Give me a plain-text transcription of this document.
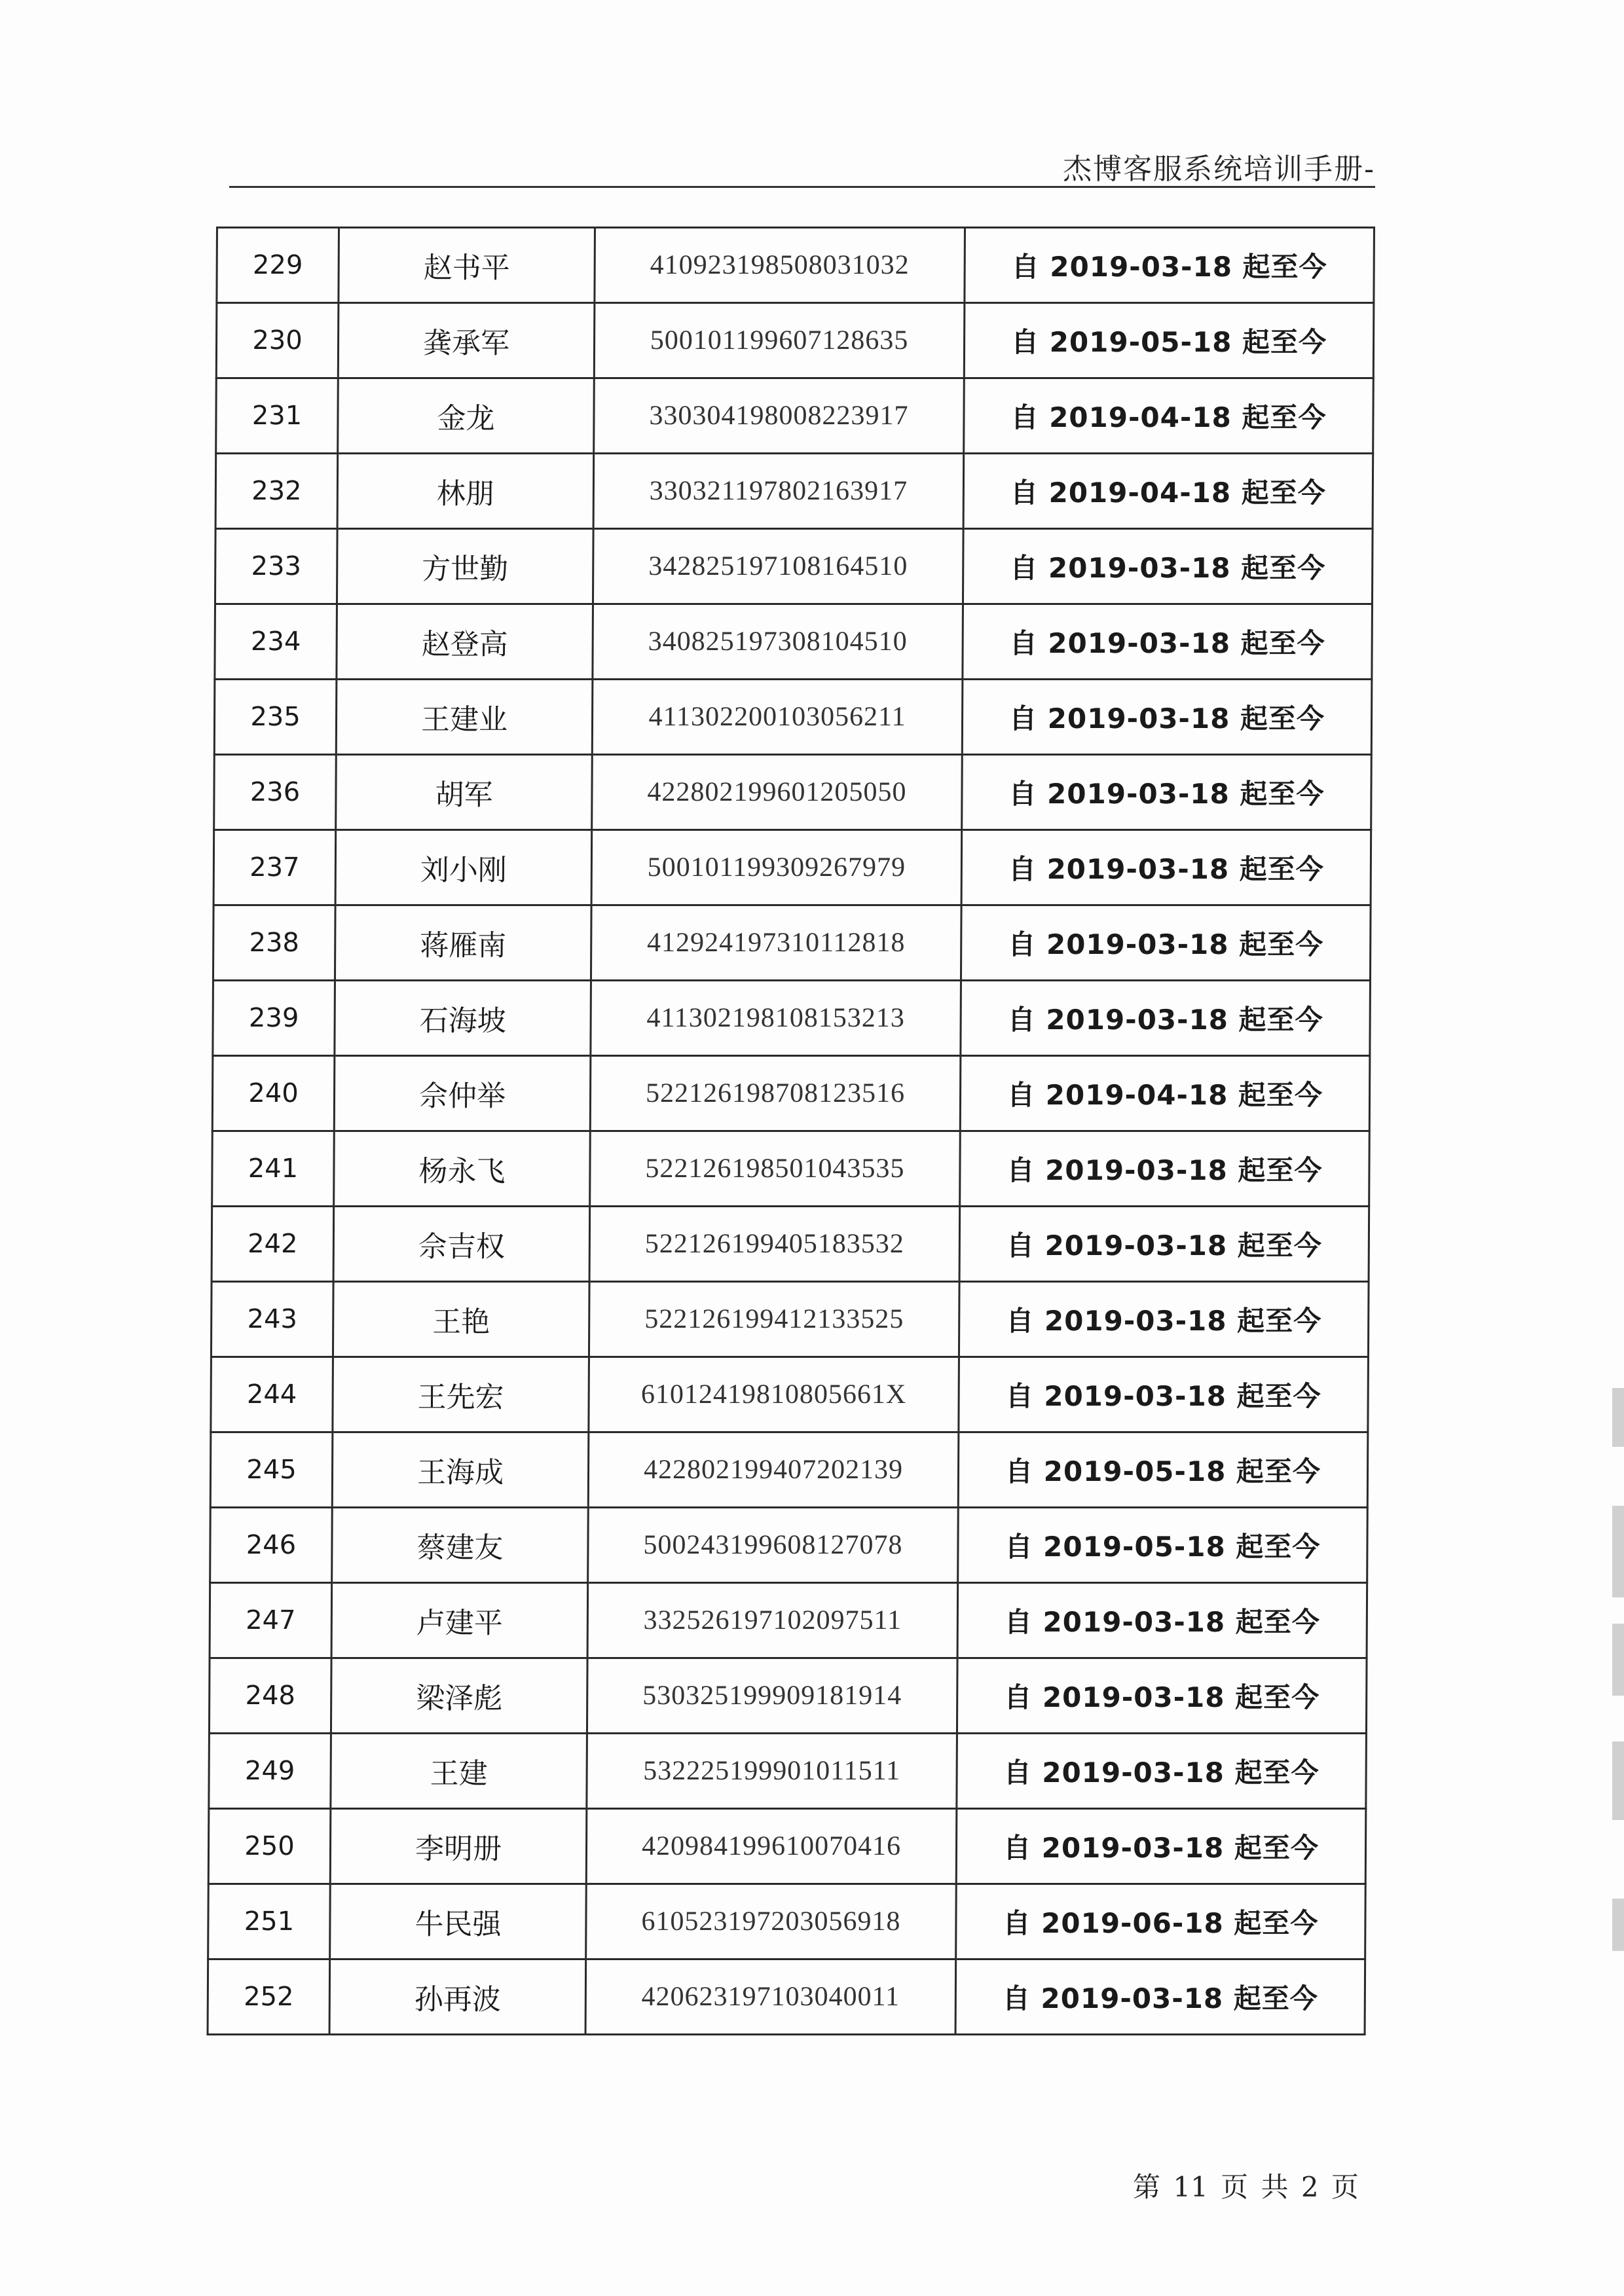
杰博客服系统培训手册-
229	赵书平	410923198508031032	自 2019-03-18 起至今
230	龚承军	500101199607128635	自 2019-05-18 起至今
231	金龙	330304198008223917	自 2019-04-18 起至今
232	林朋	330321197802163917	自 2019-04-18 起至今
233	方世勤	342825197108164510	自 2019-03-18 起至今
234	赵登高	340825197308104510	自 2019-03-18 起至今
235	王建业	411302200103056211	自 2019-03-18 起至今
236	胡军	422802199601205050	自 2019-03-18 起至今
237	刘小刚	500101199309267979	自 2019-03-18 起至今
238	蒋雁南	412924197310112818	自 2019-03-18 起至今
239	石海坡	411302198108153213	自 2019-03-18 起至今
240	佘仲举	522126198708123516	自 2019-04-18 起至今
241	杨永飞	522126198501043535	自 2019-03-18 起至今
242	佘吉权	522126199405183532	自 2019-03-18 起至今
243	王艳	522126199412133525	自 2019-03-18 起至今
244	王先宏	61012419810805661X	自 2019-03-18 起至今
245	王海成	422802199407202139	自 2019-05-18 起至今
246	蔡建友	500243199608127078	自 2019-05-18 起至今
247	卢建平	332526197102097511	自 2019-03-18 起至今
248	梁泽彪	530325199909181914	自 2019-03-18 起至今
249	王建	532225199901011511	自 2019-03-18 起至今
250	李明册	420984199610070416	自 2019-03-18 起至今
251	牛民强	610523197203056918	自 2019-06-18 起至今
252	孙再波	420623197103040011	自 2019-03-18 起至今
第 11 页 共 2 页
